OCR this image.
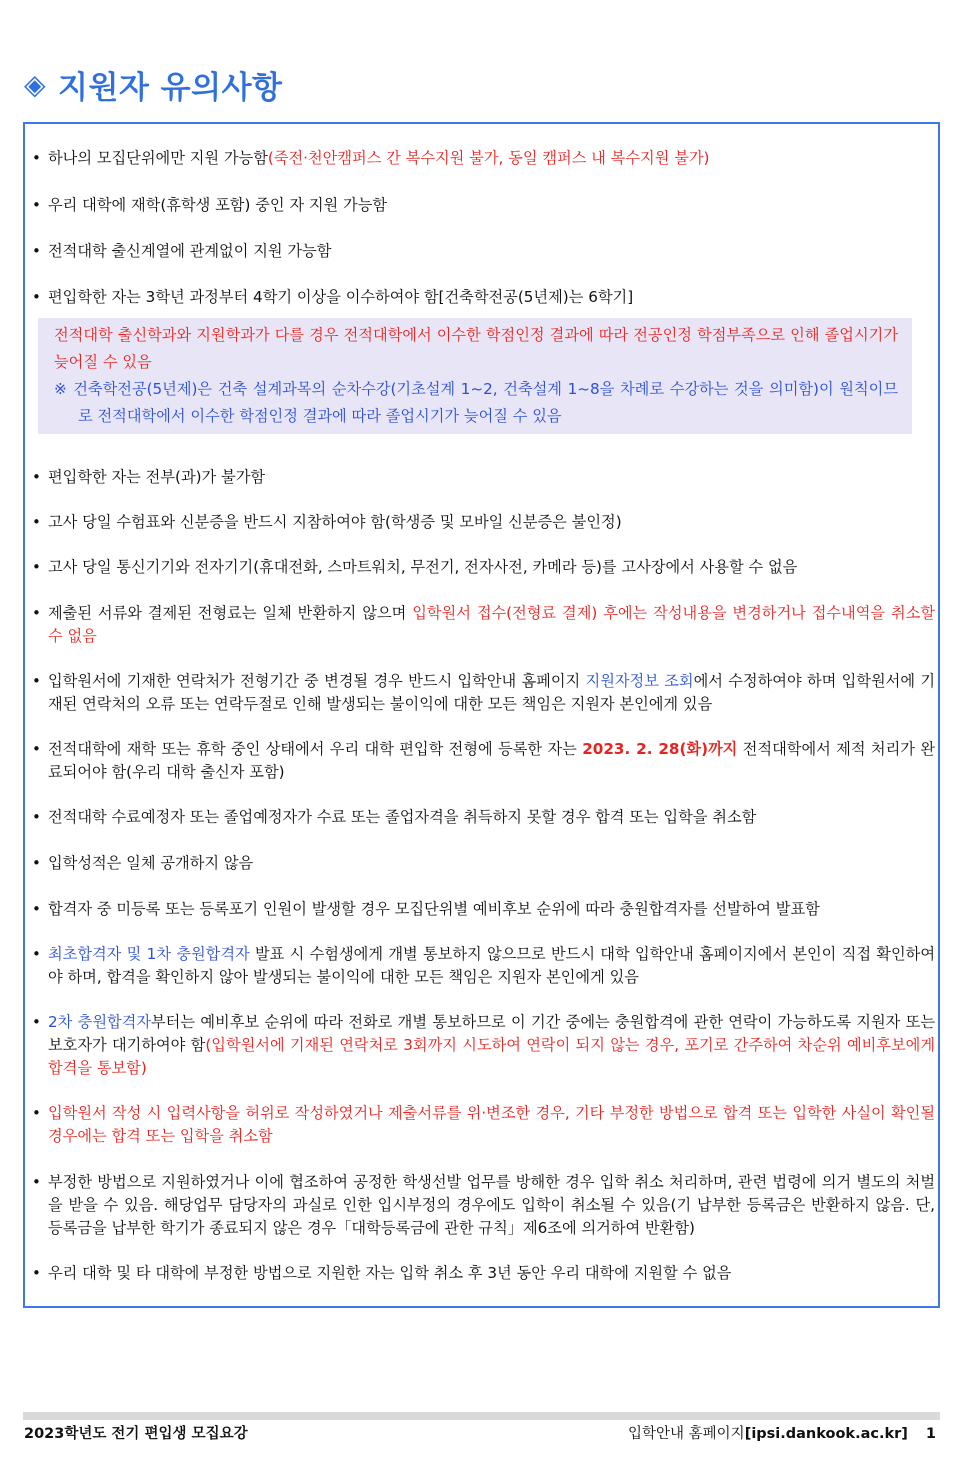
◈ 지원자 유의사항
• 하나의 모집단위에만 지원 가능함(죽전·천안캠퍼스 간 복수지원 불가, 동일 캠퍼스 내 복수지원 불가)
• 우리 대학에 재학(휴학생 포함) 중인 자 지원 가능함
• 전적대학 출신계열에 관계없이 지원 가능함
• 편입학한 자는 3학년 과정부터 4학기 이상을 이수하여야 함[건축학전공(5년제)는 6학기]
전적대학 출신학과와 지원학과가 다를 경우 전적대학에서 이수한 학점인정 결과에 따라 전공인정 학점부족으로 인해 졸업시기가 늦어질 수 있음
※ 건축학전공(5년제)은 건축 설계과목의 순차수강(기초설계 1~2, 건축설계 1~8을 차례로 수강하는 것을 의미함)이 원칙이므로 전적대학에서 이수한 학점인정 결과에 따라 졸업시기가 늦어질 수 있음
• 편입학한 자는 전부(과)가 불가함
• 고사 당일 수험표와 신분증을 반드시 지참하여야 함(학생증 및 모바일 신분증은 불인정)
• 고사 당일 통신기기와 전자기기(휴대전화, 스마트워치, 무전기, 전자사전, 카메라 등)를 고사장에서 사용할 수 없음
• 제출된 서류와 결제된 전형료는 일체 반환하지 않으며 입학원서 접수(전형료 결제) 후에는 작성내용을 변경하거나 접수내역을 취소할 수 없음
• 입학원서에 기재한 연락처가 전형기간 중 변경될 경우 반드시 입학안내 홈페이지 지원자정보 조회에서 수정하여야 하며 입학원서에 기재된 연락처의 오류 또는 연락두절로 인해 발생되는 불이익에 대한 모든 책임은 지원자 본인에게 있음
• 전적대학에 재학 또는 휴학 중인 상태에서 우리 대학 편입학 전형에 등록한 자는 2023. 2. 28(화)까지 전적대학에서 제적 처리가 완료되어야 함(우리 대학 출신자 포함)
• 전적대학 수료예정자 또는 졸업예정자가 수료 또는 졸업자격을 취득하지 못할 경우 합격 또는 입학을 취소함
• 입학성적은 일체 공개하지 않음
• 합격자 중 미등록 또는 등록포기 인원이 발생할 경우 모집단위별 예비후보 순위에 따라 충원합격자를 선발하여 발표함
• 최초합격자 및 1차 충원합격자 발표 시 수험생에게 개별 통보하지 않으므로 반드시 대학 입학안내 홈페이지에서 본인이 직접 확인하여야 하며, 합격을 확인하지 않아 발생되는 불이익에 대한 모든 책임은 지원자 본인에게 있음
• 2차 충원합격자부터는 예비후보 순위에 따라 전화로 개별 통보하므로 이 기간 중에는 충원합격에 관한 연락이 가능하도록 지원자 또는 보호자가 대기하여야 함(입학원서에 기재된 연락처로 3회까지 시도하여 연락이 되지 않는 경우, 포기로 간주하여 차순위 예비후보에게 합격을 통보함)
• 입학원서 작성 시 입력사항을 허위로 작성하였거나 제출서류를 위·변조한 경우, 기타 부정한 방법으로 합격 또는 입학한 사실이 확인될 경우에는 합격 또는 입학을 취소함
• 부정한 방법으로 지원하였거나 이에 협조하여 공정한 학생선발 업무를 방해한 경우 입학 취소 처리하며, 관련 법령에 의거 별도의 처벌을 받을 수 있음. 해당업무 담당자의 과실로 인한 입시부정의 경우에도 입학이 취소될 수 있음(기 납부한 등록금은 반환하지 않음. 단, 등록금을 납부한 학기가 종료되지 않은 경우「대학등록금에 관한 규칙」제6조에 의거하여 반환함)
• 우리 대학 및 타 대학에 부정한 방법으로 지원한 자는 입학 취소 후 3년 동안 우리 대학에 지원할 수 없음
2023학년도 전기 편입생 모집요강	입학안내 홈페이지[ipsi.dankook.ac.kr] 1
